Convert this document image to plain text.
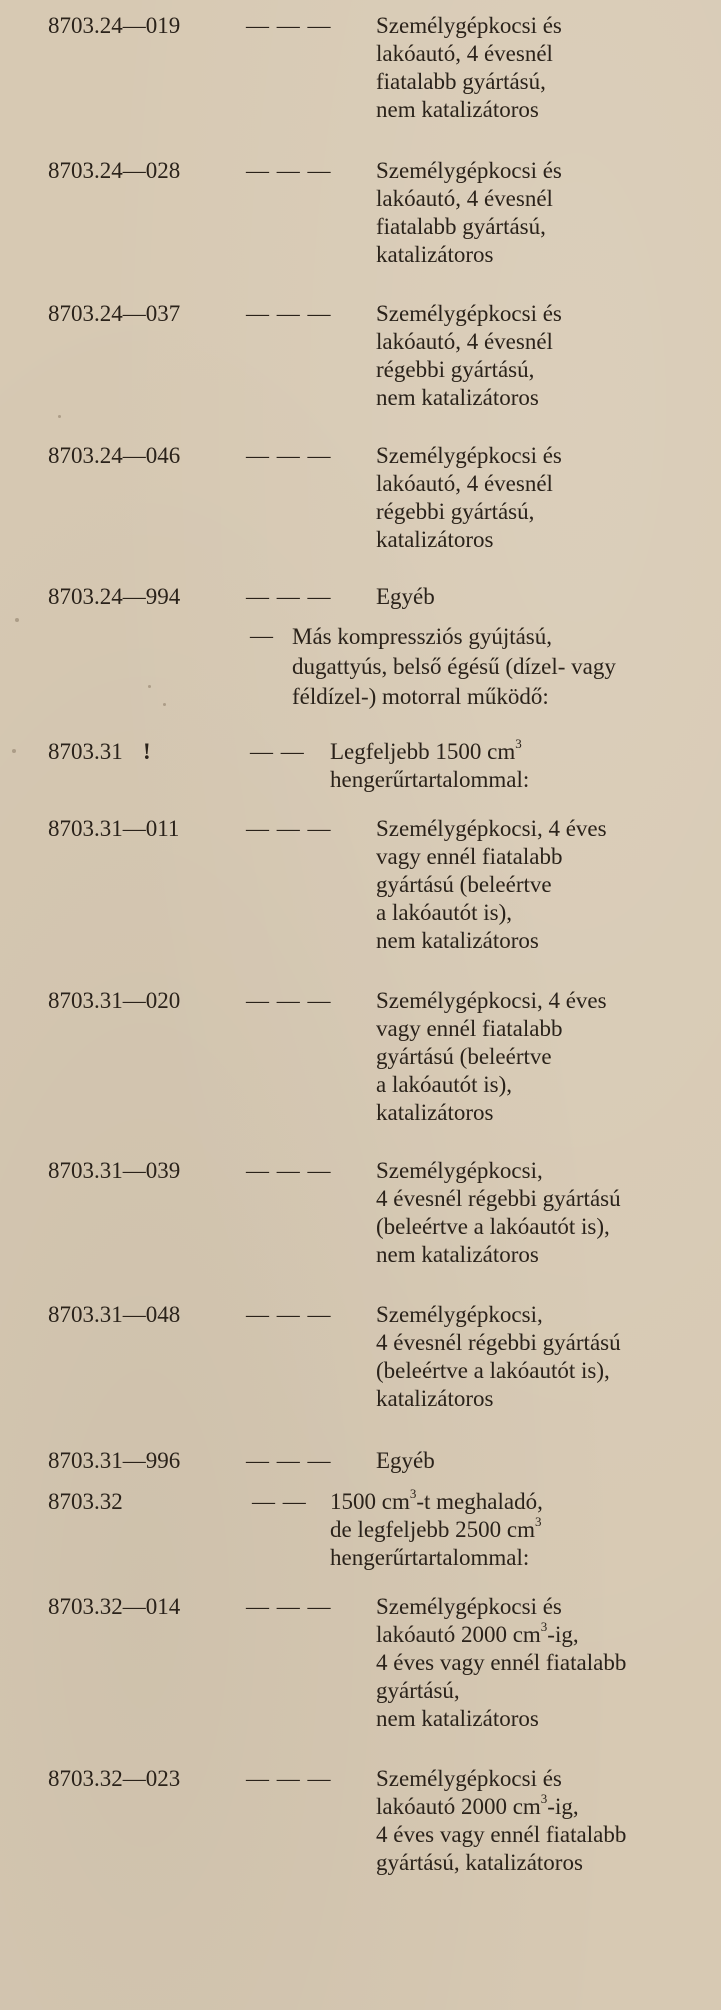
8703.24—019	— — — Személygépkocsi és
lakóautó, 4 évesnél
fiatalabb gyártású,
nem katalizátoros
8703.24—028	— — — Személygépkocsi és
lakóautó, 4 évesnél
fiatalabb gyártású,
katalizátoros
8703.24—037	— — — Személygépkocsi és
lakóautó, 4 évesnél
régebbi gyártású,
nem katalizátoros
8703.24—046	— — — Személygépkocsi és
lakóautó, 4 évesnél
régebbi gyártású,
katalizátoros
8703.24—994	— — — Egyéb
— Más kompressziós gyújtású,
dugattyús, belső égésű (dízel- vagy
féldízel-) motorral működő:
8703.31 !	— — Legfeljebb 1500 $cm^3$
hengerűrtartalommal:
8703.31—011	— — — Személygépkocsi, 4 éves
vagy ennél fiatalabb
gyártású (beleértve
a lakóautót is),
nem katalizátoros
8703.31—020	— — — Személygépkocsi, 4 éves
vagy ennél fiatalabb
gyártású (beleértve
a lakóautót is),
katalizátoros
8703.31—039	— — — Személygépkocsi,
4 évesnél régebbi gyártású
(beleértve a lakóautót is),
nem katalizátoros
8703.31—048	— — — Személygépkocsi,
4 évesnél régebbi gyártású
(beleértve a lakóautót is),
katalizátoros
8703.31—996	— — — Egyéb
8703.32	— — 1500 $cm^3-t$ meghaladó,
de legfeljebb 2500 $cm^3$
hengerűrtartalommal:
8703.32—014	— — — Személygépkocsi és
lakóautó 2000 $cm^3-ig$,
4 éves vagy ennél fiatalabb
gyártású,
nem katalizátoros
8703.32—023	— — — Személygépkocsi és
lakóautó 2000 $cm^3-ig$,
4 éves vagy ennél fiatalabb
gyártású, katalizátoros
